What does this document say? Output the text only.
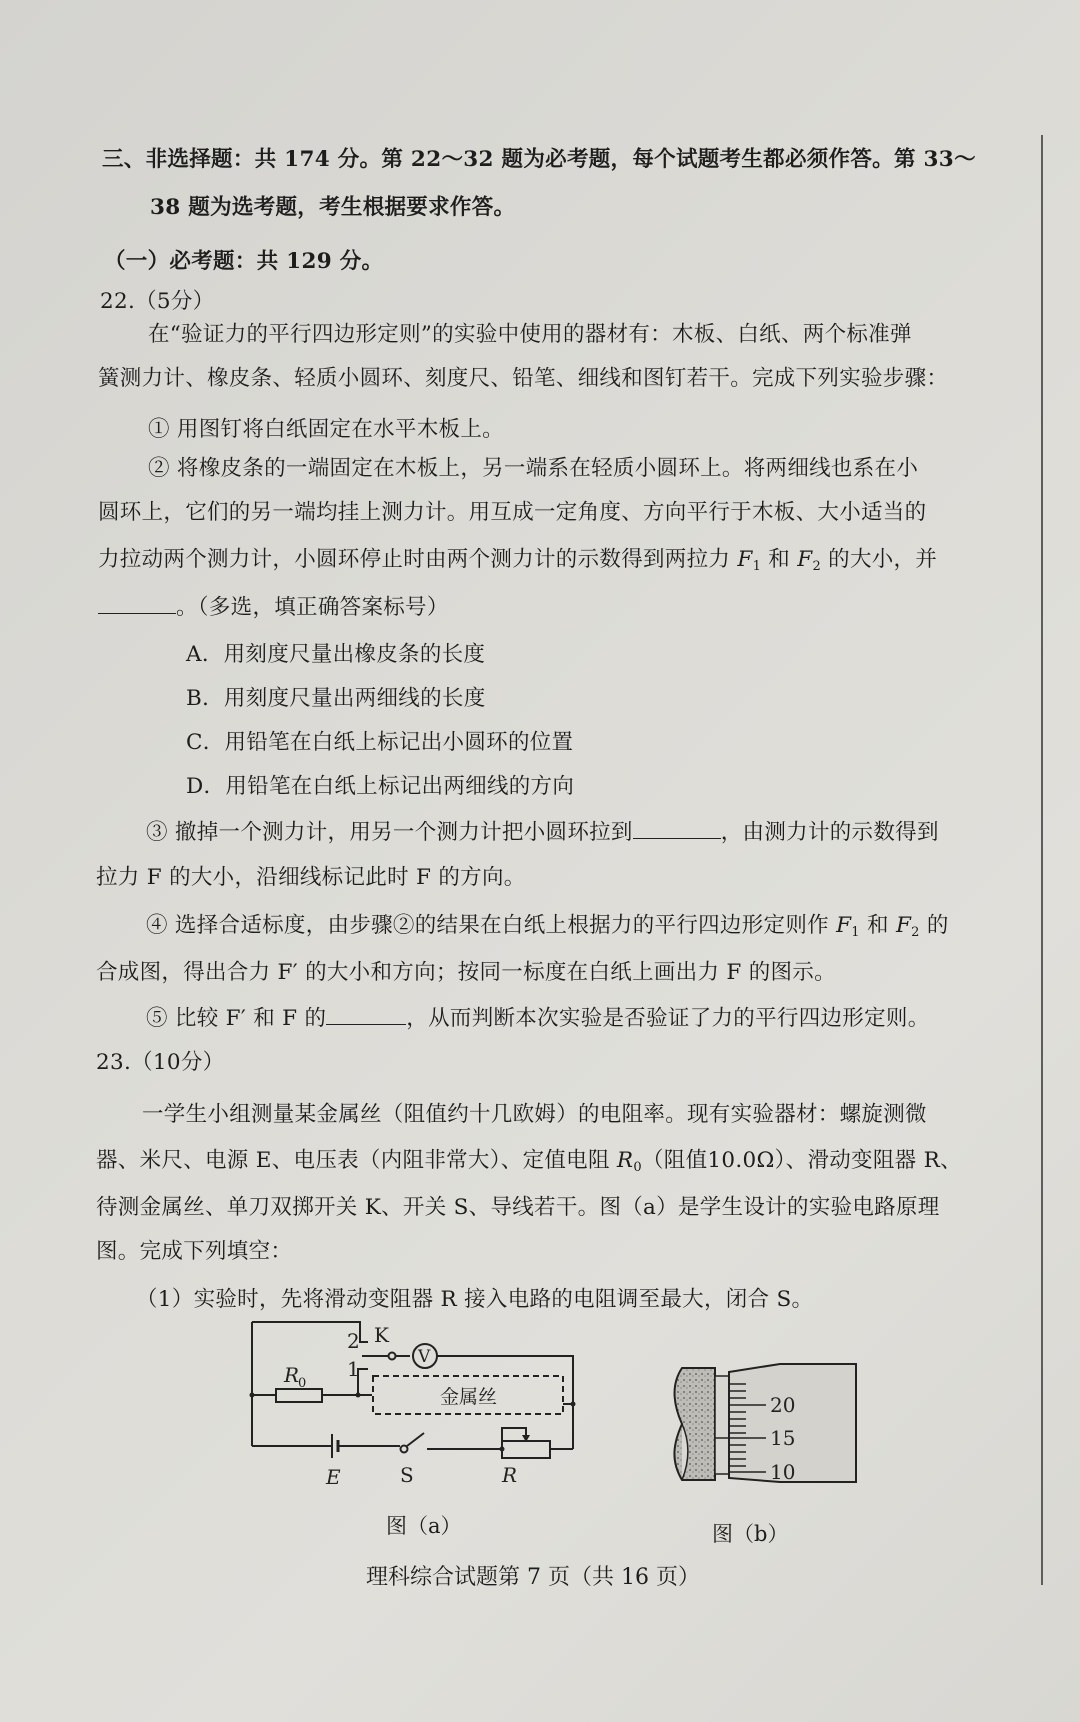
三、非选择题：共 174 分。第 22～32 题为必考题，每个试题考生都必须作答。第 33～
38 题为选考题，考生根据要求作答。
（一）必考题：共 129 分。
22.（5分）
在“验证力的平行四边形定则”的实验中使用的器材有：木板、白纸、两个标准弹
簧测力计、橡皮条、轻质小圆环、刻度尺、铅笔、细线和图钉若干。完成下列实验步骤：
① 用图钉将白纸固定在水平木板上。
② 将橡皮条的一端固定在木板上，另一端系在轻质小圆环上。将两细线也系在小
圆环上，它们的另一端均挂上测力计。用互成一定角度、方向平行于木板、大小适当的
力拉动两个测力计，小圆环停止时由两个测力计的示数得到两拉力 $F_1$ 和 $F_2$ 的大小，并
。（多选，填正确答案标号）
A．用刻度尺量出橡皮条的长度
B．用刻度尺量出两细线的长度
C．用铅笔在白纸上标记出小圆环的位置
D．用铅笔在白纸上标记出两细线的方向
③ 撤掉一个测力计，用另一个测力计把小圆环拉到	，由测力计的示数得到
拉力 F 的大小，沿细线标记此时 F 的方向。
④ 选择合适标度，由步骤②的结果在白纸上根据力的平行四边形定则作 $F_1$ 和 $F_2$ 的
合成图，得出合力 F′ 的大小和方向；按同一标度在白纸上画出力 F 的图示。
⑤ 比较 F′ 和 F 的	，从而判断本次实验是否验证了力的平行四边形定则。
23.（10分）
一学生小组测量某金属丝（阻值约十几欧姆）的电阻率。现有实验器材：螺旋测微
器、米尺、电源 E、电压表（内阻非常大）、定值电阻 $R_0$（阻值10.0Ω）、滑动变阻器 R、
待测金属丝、单刀双掷开关 K、开关 S、导线若干。图（a）是学生设计的实验电路原理
图。完成下列填空：
（1）实验时，先将滑动变阻器 R 接入电路的电阻调至最大，闭合 S。
2 K
1	V
R
0
金属丝
E	S	R
图（a）
20
15
10
图（b）
理科综合试题第 7 页（共 16 页）
